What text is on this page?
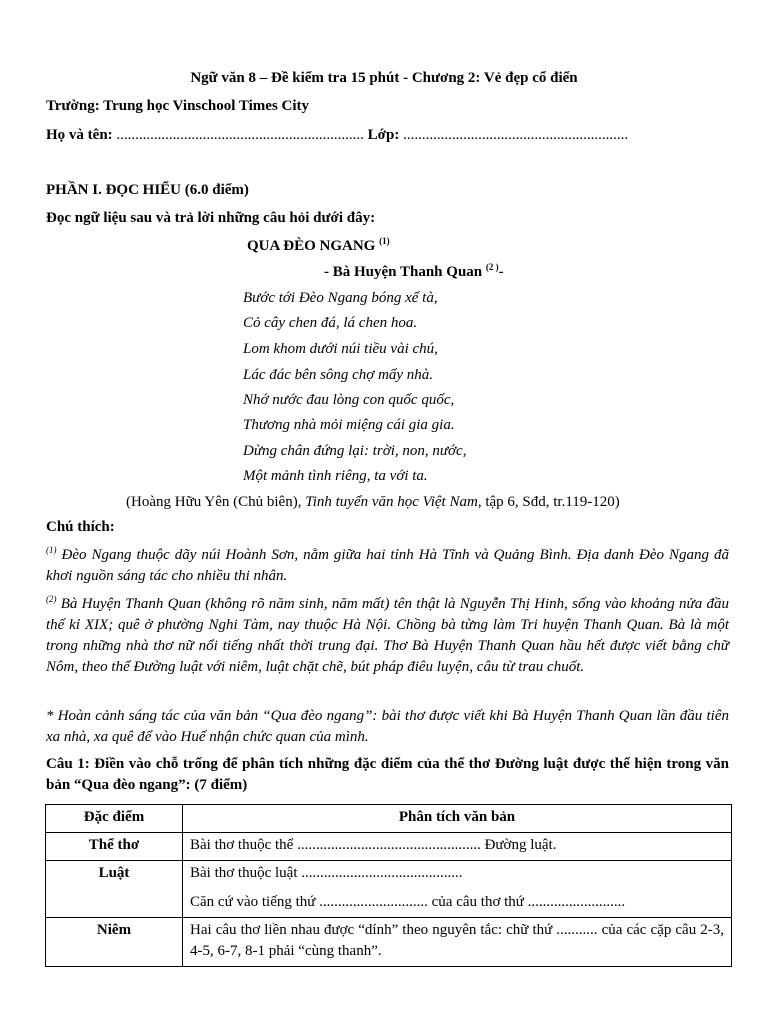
Ngữ văn 8 – Đề kiểm tra 15 phút - Chương 2: Vẻ đẹp cổ điển
Trường: Trung học Vinschool Times City
Họ và tên: .................................................................. Lớp: ............................................................
PHẦN I. ĐỌC HIỂU (6.0 điểm)
Đọc ngữ liệu sau và trả lời những câu hỏi dưới đây:
QUA ĐÈO NGANG $^{(1)}$
- Bà Huyện Thanh Quan $^{(2 )}$-
Bước tới Đèo Ngang bóng xế tà,
Cỏ cây chen đá, lá chen hoa.
Lom khom dưới núi tiều vài chú,
Lác đác bên sông chợ mấy nhà.
Nhớ nước đau lòng con quốc quốc,
Thương nhà mỏi miệng cái gia gia.
Dừng chân đứng lại: trời, non, nước,
Một mảnh tình riêng, ta với ta.
(Hoàng Hữu Yên (Chủ biên), Tinh tuyển văn học Việt Nam, tập 6, Sđd, tr.119-120)
Chú thích:
$^{(1)}$ Đèo Ngang thuộc dãy núi Hoành Sơn, nằm giữa hai tỉnh Hà Tĩnh và Quảng Bình. Địa danh Đèo Ngang đã khơi nguồn sáng tác cho nhiều thi nhân.
$^{(2)}$ Bà Huyện Thanh Quan (không rõ năm sinh, năm mất) tên thật là Nguyễn Thị Hinh, sống vào khoảng nửa đầu thế kỉ XIX; quê ở phường Nghi Tàm, nay thuộc Hà Nội. Chồng bà từng làm Tri huyện Thanh Quan. Bà là một trong những nhà thơ nữ nổi tiếng nhất thời trung đại. Thơ Bà Huyện Thanh Quan hầu hết được viết bằng chữ Nôm, theo thể Đường luật với niêm, luật chặt chẽ, bút pháp điêu luyện, câu từ trau chuốt.
* Hoàn cảnh sáng tác của văn bản “Qua đèo ngang”: bài thơ được viết khi Bà Huyện Thanh Quan lần đầu tiên xa nhà, xa quê để vào Huế nhận chức quan của mình.
Câu 1: Điền vào chỗ trống để phân tích những đặc điểm của thể thơ Đường luật được thể hiện trong văn bản “Qua đèo ngang”: (7 điểm)
Đặc điểm	Phân tích văn bản
Thể thơ	Bài thơ thuộc thể ................................................. Đường luật.

Luật	Bài thơ thuộc luật ...........................................

Căn cứ vào tiếng thứ ............................. của câu thơ thứ ..........................

Niêm	Hai câu thơ liền nhau được “dính” theo nguyên tắc: chữ thứ ........... của các cặp câu 2-3, 4-5, 6-7, 8-1 phải “cùng thanh”.
